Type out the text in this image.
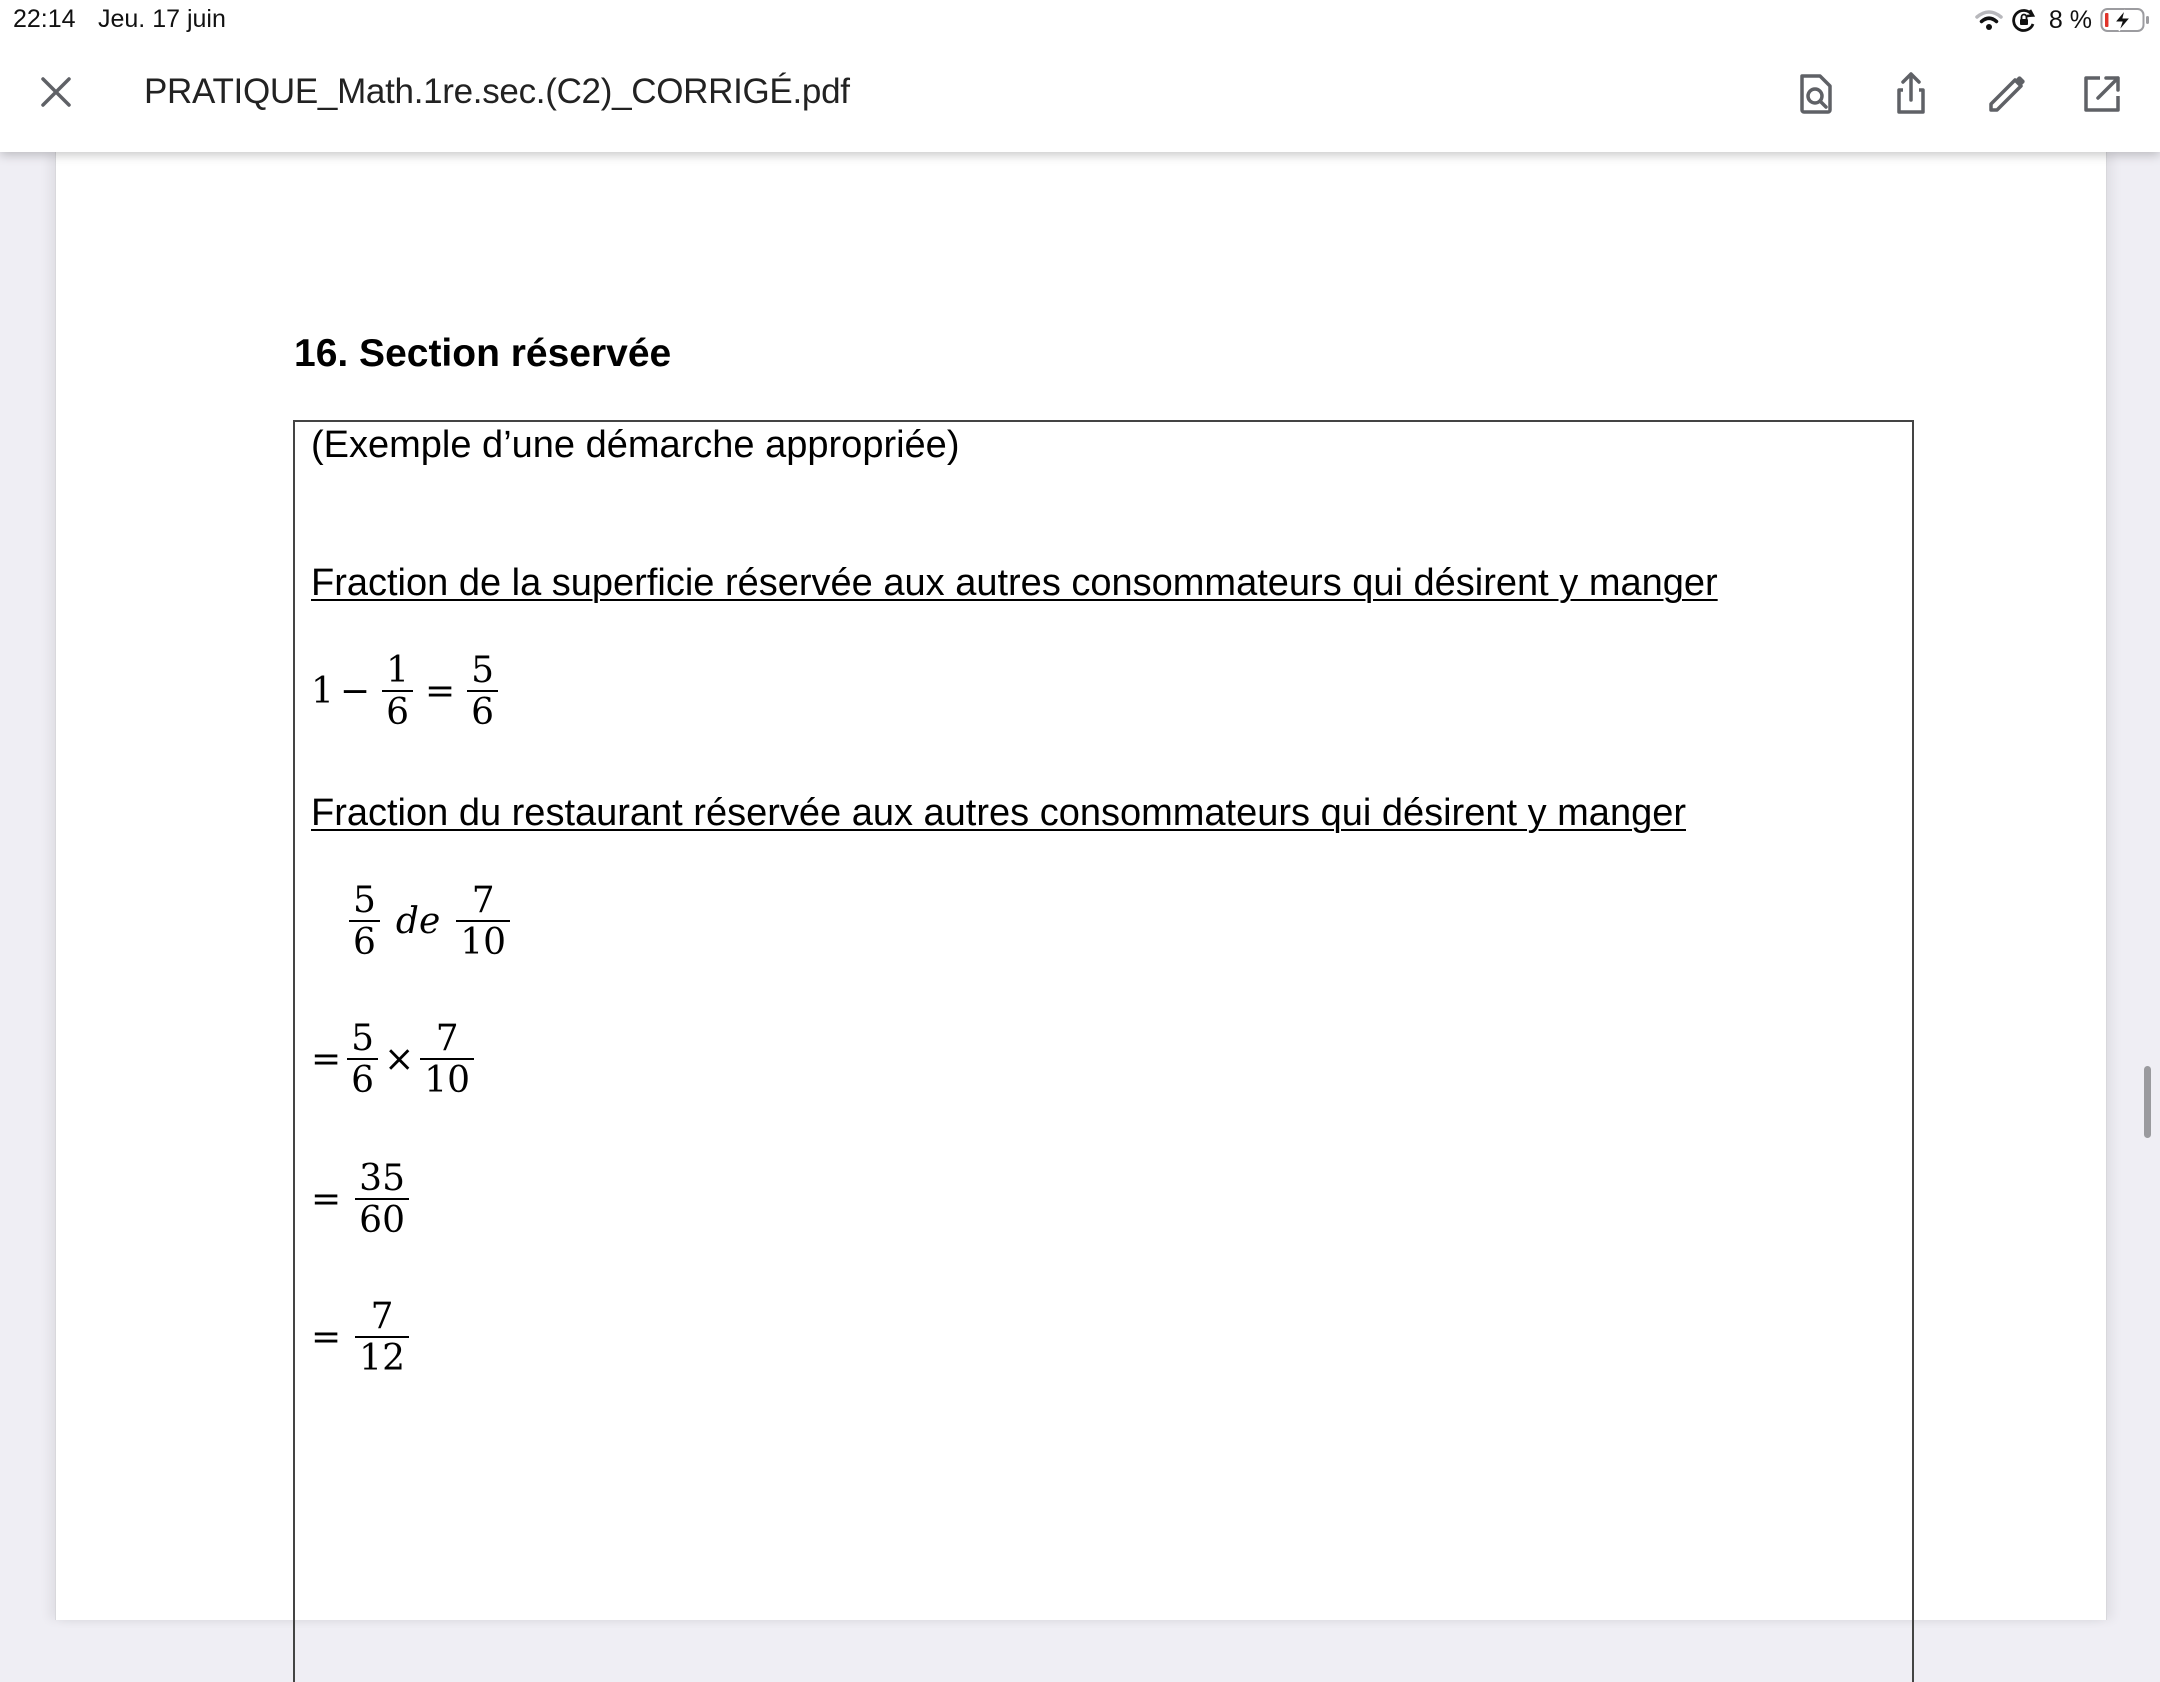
22:14 Jeu. 17 juin	8 %
PRATIQUE_Math.1re.sec.(C2)_CORRIGÉ.pdf
16. Section réservée
(Exemple d’une démarche appropriée)
Fraction de la superficie réservée aux autres consommateurs qui désirent y manger
$1 - \frac{1}{6} = \frac{5}{6}$
Fraction du restaurant réservée aux autres consommateurs qui désirent y manger
$\frac{5}{6}$ de $\frac{7}{10}$
= $\frac{5}{6} \times \frac{7}{10}$
= $\frac{35}{60}$
= $\frac{7}{12}$
